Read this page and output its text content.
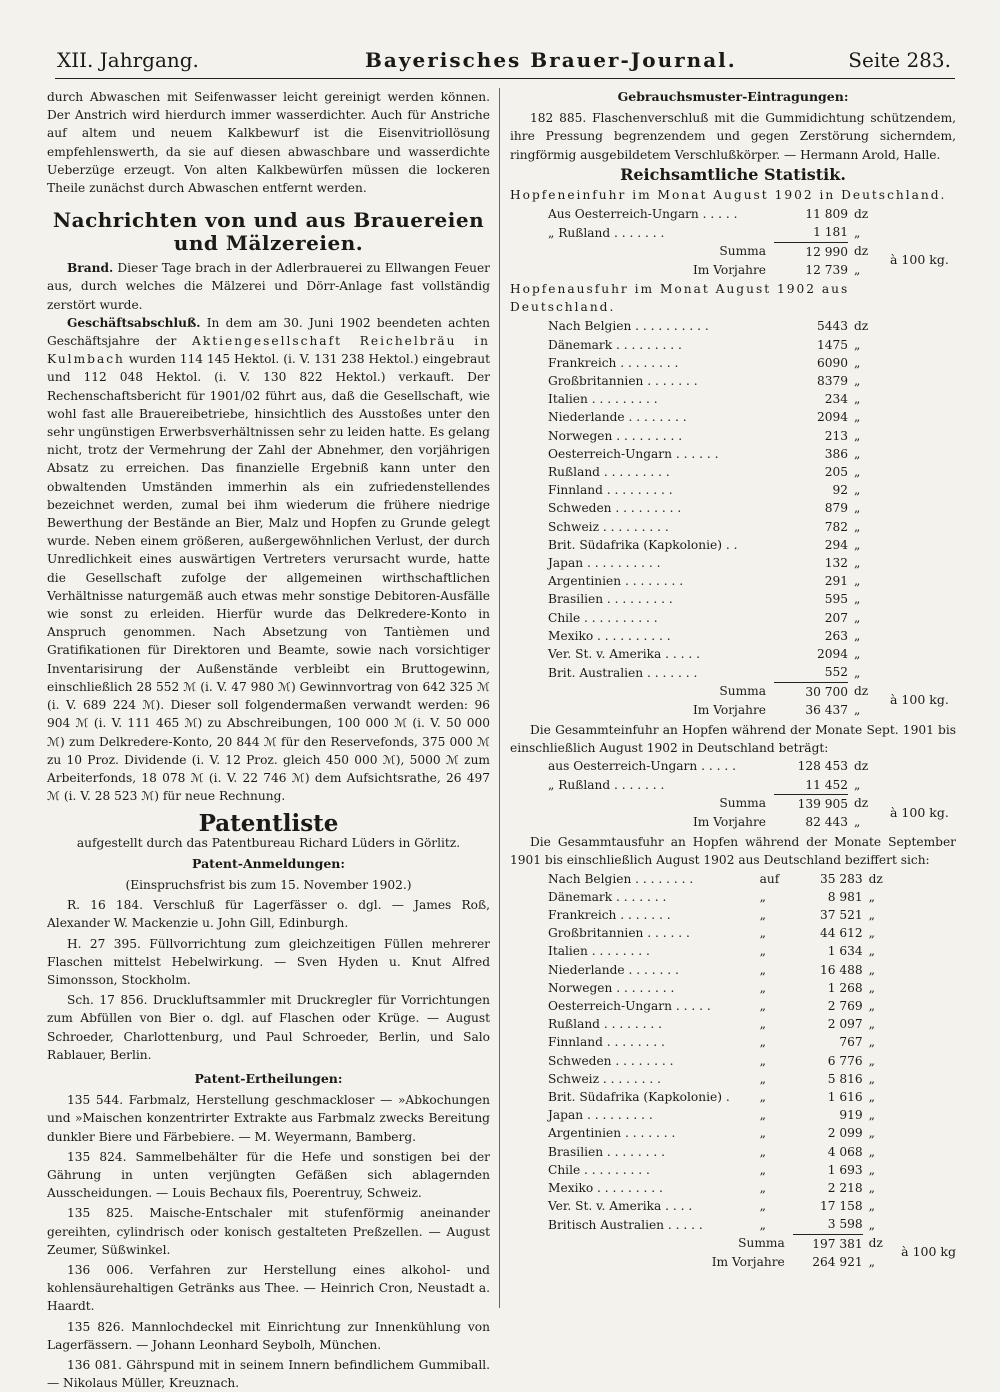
XII. Jahrgang.	Bayerisches Brauer-Journal.	Seite 283.

durch Abwaschen mit Seifenwasser leicht gereinigt werden können. Der Anstrich wird hierdurch immer wasserdichter. Auch für Anstriche auf altem und neuem Kalkbewurf ist die Eisenvitriollösung empfehlenswerth, da sie auf diesen abwaschbare und wasserdichte Ueberzüge erzeugt. Von alten Kalkbewürfen müssen die lockeren Theile zunächst durch Abwaschen entfernt werden.

Nachrichten von und aus Brauereien und Mälzereien.

Brand. Dieser Tage brach in der Adlerbrauerei zu Ellwangen Feuer aus, durch welches die Mälzerei und Dörr-Anlage fast vollständig zerstört wurde.

Geschäftsabschluß. In dem am 30. Juni 1902 beendeten achten Geschäftsjahre der Aktiengesellschaft Reichelbräu in Kulmbach wurden 114 145 Hektol. (i. V. 131 238 Hektol.) eingebraut und 112 048 Hektol. (i. V. 130 822 Hektol.) verkauft. Der Rechenschaftsbericht für 1901/02 führt aus, daß die Gesellschaft, wie wohl fast alle Brauereibetriebe, hinsichtlich des Ausstoßes unter den sehr ungünstigen Erwerbsverhältnissen sehr zu leiden hatte. Es gelang nicht, trotz der Vermehrung der Zahl der Abnehmer, den vorjährigen Absatz zu erreichen. Das finanzielle Ergebniß kann unter den obwaltenden Umständen immerhin als ein zufriedenstellendes bezeichnet werden, zumal bei ihm wiederum die frühere niedrige Bewerthung der Bestände an Bier, Malz und Hopfen zu Grunde gelegt wurde. Neben einem größeren, außergewöhnlichen Verlust, der durch Unredlichkeit eines auswärtigen Vertreters verursacht wurde, hatte die Gesellschaft zufolge der allgemeinen wirthschaftlichen Verhältnisse naturgemäß auch etwas mehr sonstige Debitoren-Ausfälle wie sonst zu erleiden. Hierfür wurde das Delkredere-Konto in Anspruch genommen. Nach Absetzung von Tantièmen und Gratifikationen für Direktoren und Beamte, sowie nach vorsichtiger Inventarisirung der Außenstände verbleibt ein Bruttogewinn, einschließlich 28 552 ℳ (i. V. 47 980 ℳ) Gewinnvortrag von 642 325 ℳ (i. V. 689 224 ℳ). Dieser soll folgendermaßen verwandt werden: 96 904 ℳ (i. V. 111 465 ℳ) zu Abschreibungen, 100 000 ℳ (i. V. 50 000 ℳ) zum Delkredere-Konto, 20 844 ℳ für den Reservefonds, 375 000 ℳ zu 10 Proz. Dividende (i. V. 12 Proz. gleich 450 000 ℳ), 5000 ℳ zum Arbeiterfonds, 18 078 ℳ (i. V. 22 746 ℳ) dem Aufsichtsrathe, 26 497 ℳ (i. V. 28 523 ℳ) für neue Rechnung.

Patentliste
aufgestellt durch das Patentbureau Richard Lüders in Görlitz.
Patent-Anmeldungen:
(Einspruchsfrist bis zum 15. November 1902.)

R. 16 184. Verschluß für Lagerfässer o. dgl. — James Roß, Alexander W. Mackenzie u. John Gill, Edinburgh.

H. 27 395. Füllvorrichtung zum gleichzeitigen Füllen mehrerer Flaschen mittelst Hebelwirkung. — Sven Hyden u. Knut Alfred Simonsson, Stockholm.

Sch. 17 856. Druckluftsammler mit Druckregler für Vorrichtungen zum Abfüllen von Bier o. dgl. auf Flaschen oder Krüge. — August Schroeder, Charlottenburg, und Paul Schroeder, Berlin, und Salo Rablauer, Berlin.

Patent-Ertheilungen:

135 544. Farbmalz, Herstellung geschmackloser — »Abkochungen und »Maischen konzentrirter Extrakte aus Farbmalz zwecks Bereitung dunkler Biere und Färbebiere. — M. Weyermann, Bamberg.

135 824. Sammelbehälter für die Hefe und sonstigen bei der Gährung in unten verjüngten Gefäßen sich ablagernden Ausscheidungen. — Louis Bechaux fils, Poerentruy, Schweiz.

135 825. Maische-Entschaler mit stufenförmig aneinander gereihten, cylindrisch oder konisch gestalteten Preßzellen. — August Zeumer, Süßwinkel.

136 006. Verfahren zur Herstellung eines alkohol- und kohlensäurehaltigen Getränks aus Thee. — Heinrich Cron, Neustadt a. Haardt.

135 826. Mannlochdeckel mit Einrichtung zur Innenkühlung von Lagerfässern. — Johann Leonhard Seybolh, München.

136 081. Gährspund mit in seinem Innern befindlichem Gummiball. — Nikolaus Müller, Kreuznach.

Gebrauchsmuster-Eintragungen:

182 885. Flaschenverschluß mit die Gummidichtung schützendem, ihre Pressung begrenzendem und gegen Zerstörung sicherndem, ringförmig ausgebildetem Verschlußkörper. — Hermann Arold, Halle.

Reichsamtliche Statistik.
Hopfeneinfuhr im Monat August 1902 in Deutschland.
Aus Oesterreich-Ungarn . . . . .	11 809	dz	
„ Rußland . . . . . . .	1 181	„	
Summa	12 990	dz	à 100 kg.
Im Vorjahre	12 739	„	
Hopfenausfuhr im Monat August 1902 aus Deutschland.
Nach Belgien . . . . . . . . . .	5443	dz	
Dänemark . . . . . . . . .	1475	„	
Frankreich . . . . . . . .	6090	„	
Großbritannien . . . . . . .	8379	„	
Italien . . . . . . . . .	234	„	
Niederlande . . . . . . . .	2094	„	
Norwegen . . . . . . . . .	213	„	
Oesterreich-Ungarn . . . . . .	386	„	
Rußland . . . . . . . . .	205	„	
Finnland . . . . . . . . .	92	„	
Schweden . . . . . . . . .	879	„	
Schweiz . . . . . . . . .	782	„	
Brit. Südafrika (Kapkolonie) . .	294	„	
Japan . . . . . . . . . .	132	„	
Argentinien . . . . . . . .	291	„	
Brasilien . . . . . . . . .	595	„	
Chile . . . . . . . . . .	207	„	
Mexiko . . . . . . . . . .	263	„	
Ver. St. v. Amerika . . . . .	2094	„	
Brit. Australien . . . . . . .	552	„	
Summa	30 700	dz	à 100 kg.
Im Vorjahre	36 437	„	

Die Gesammteinfuhr an Hopfen während der Monate Sept. 1901 bis einschließlich August 1902 in Deutschland beträgt:

aus Oesterreich-Ungarn . . . . .	128 453	dz	
„ Rußland . . . . . . .	11 452	„	
Summa	139 905	dz	à 100 kg.
Im Vorjahre	82 443	„	

Die Gesammtausfuhr an Hopfen während der Monate September 1901 bis einschließlich August 1902 aus Deutschland beziffert sich:

Nach Belgien . . . . . . . .	auf	35 283	dz	
Dänemark . . . . . . .	„	8 981	„	
Frankreich . . . . . . .	„	37 521	„	
Großbritannien . . . . . .	„	44 612	„	
Italien . . . . . . . .	„	1 634	„	
Niederlande . . . . . . .	„	16 488	„	
Norwegen . . . . . . . .	„	1 268	„	
Oesterreich-Ungarn . . . . .	„	2 769	„	
Rußland . . . . . . . .	„	2 097	„	
Finnland . . . . . . . .	„	767	„	
Schweden . . . . . . . .	„	6 776	„	
Schweiz . . . . . . . .	„	5 816	„	
Brit. Südafrika (Kapkolonie) .	„	1 616	„	
Japan . . . . . . . . .	„	919	„	
Argentinien . . . . . . .	„	2 099	„	
Brasilien . . . . . . . .	„	4 068	„	
Chile . . . . . . . . .	„	1 693	„	
Mexiko . . . . . . . . .	„	2 218	„	
Ver. St. v. Amerika . . . .	„	17 158	„	
Britisch Australien . . . . .	„	3 598	„	
Summa		197 381	dz	à 100 kg
Im Vorjahre		264 921	„	
